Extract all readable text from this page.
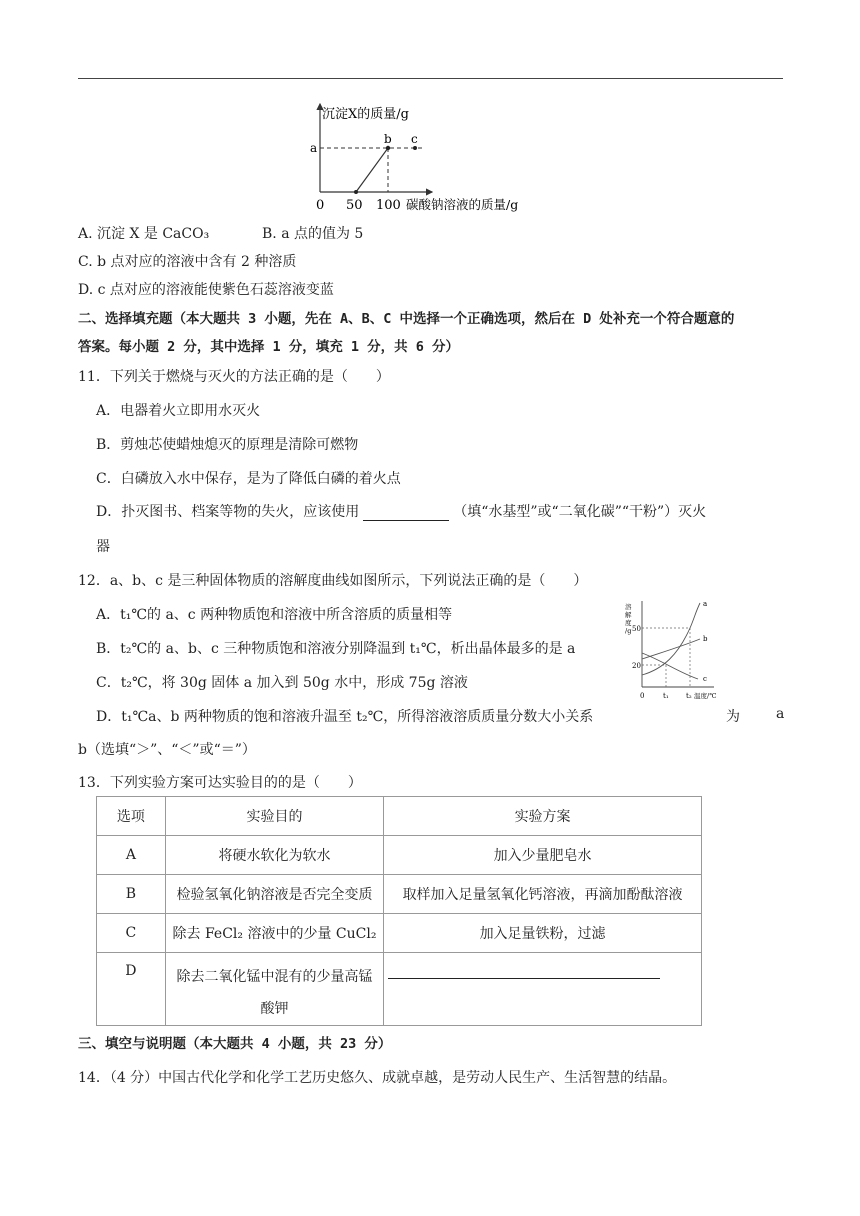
沉淀X的质量/g
a
b c
0 50 100 碳酸钠溶液的质量/g
A. 沉淀 X 是 CaCO₃	B. a 点的值为 5
C. b 点对应的溶液中含有 2 种溶质
D. c 点对应的溶液能使紫色石蕊溶液变蓝
二、选择填充题（本大题共 3 小题，先在 A、B、C 中选择一个正确选项，然后在 D 处补充一个符合题意的
答案。每小题 2 分，其中选择 1 分，填充 1 分，共 6 分）
11．下列关于燃烧与灭火的方法正确的是（　　）
A．电器着火立即用水灭火
B．剪烛芯使蜡烛熄灭的原理是清除可燃物
C．白磷放入水中保存，是为了降低白磷的着火点
D．扑灭图书、档案等物的失火，应该使用	（填“水基型”或“二氧化碳”“干粉”）灭火
器
12．a、b、c 是三种固体物质的溶解度曲线如图所示，下列说法正确的是（　　）
A．t₁℃的 a、c 两种物质饱和溶液中所含溶质的质量相等
B．t₂℃的 a、b、c 三种物质饱和溶液分别降温到 t₁℃，析出晶体最多的是 a
C．t₂℃，将 30g 固体 a 加入到 50g 水中，形成 75g 溶液
D．t₁℃a、b 两种物质的饱和溶液升温至 t₂℃，所得溶液溶质质量分数大小关系	为	a
b（选填“＞”、“＜”或“＝”）
溶
解
度
/g 50
20
0	t₁ t₂ 温度/℃
a
b
c
13．下列实验方案可达实验目的的是（　　）
选项	实验目的	实验方案
A	将硬水软化为软水	加入少量肥皂水
B	检验氢氧化钠溶液是否完全变质	取样加入足量氢氧化钙溶液，再滴加酚酞溶液
C	除去 FeCl₂ 溶液中的少量 CuCl₂	加入足量铁粉，过滤
D	除去二氧化锰中混有的少量高锰
酸钾	

三、填空与说明题（本大题共 4 小题，共 23 分）
14．（4 分）中国古代化学和化学工艺历史悠久、成就卓越，是劳动人民生产、生活智慧的结晶。
